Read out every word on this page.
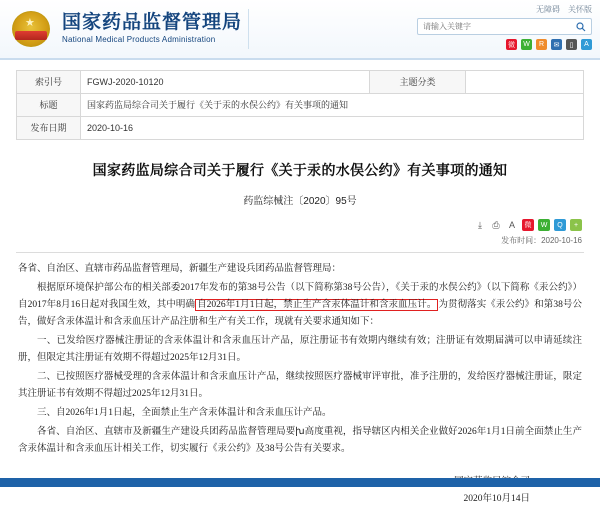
★ 国家药品监督管理局
National Medical Products Administration
无障碍 关怀版
请输入关键字
微	W	R	✉	▯	A
索引号	FGWJ-2020-10120	主题分类	
标题	国家药监局综合司关于履行《关于汞的水俣公约》有关事项的通知		
发布日期	2020-10-16		
国家药监局综合司关于履行《关于汞的水俣公约》有关事项的通知
药监综械注〔2020〕95号
⤓	⎙	A	微	W	Q	+
发布时间：2020-10-16

各省、自治区、直辖市药品监督管理局，新疆生产建设兵团药品监督管理局：

根据原环境保护部公布的相关部委2017年发布的第38号公告（以下简称第38号公告），《关于汞的水俣公约》（以下简称《汞公约》）自2017年8月16日起对我国生效，其中明确 自2026年1月1日起，禁止生产含汞体温计和含汞血压计。 为贯彻落实《汞公约》和第38号公告，做好含汞体温计和含汞血压计产品注册和生产有关工作，现就有关要求通知如下：

一、已发给医疗器械注册证的含汞体温计和含汞血压计产品，原注册证书有效期内继续有效；注册证有效期届满可以申请延续注册，但限定其注册证有效期不得超过2025年12月31日。

二、已按照医疗器械受理的含汞体温计和含汞血压计产品，继续按照医疗器械审评审批，准予注册的，发给医疗器械注册证，限定其注册证书有效期不得超过2025年12月31日。

三、自2026年1月1日起，全面禁止生产含汞体温计和含汞血压计产品。

各省、自治区、直辖市及新疆生产建设兵团药品监督管理局要խ高度重视，指导辖区内相关企业做好2026年1月1日前全面禁止生产含汞体温计和含汞血压计相关工作，切实履行《汞公约》及38号公告有关要求。

2020年10月14日
